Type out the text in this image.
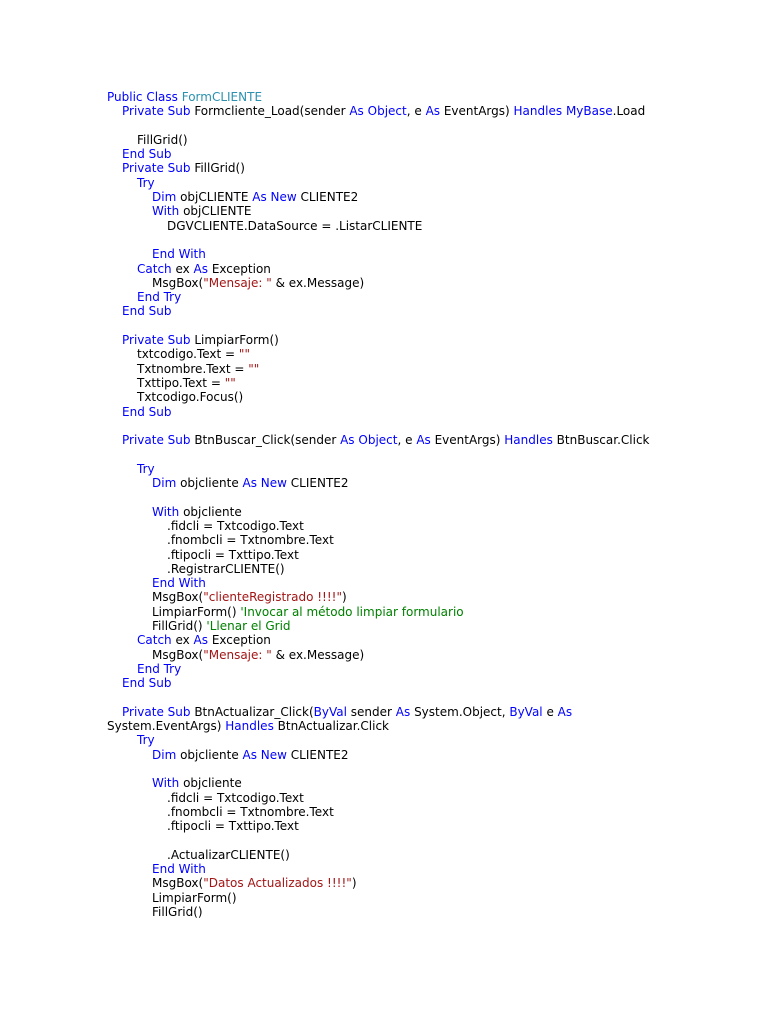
Public Class FormCLIENTE
Private Sub Formcliente_Load(sender As Object, e As EventArgs) Handles MyBase.Load
FillGrid()
End Sub
Private Sub FillGrid()
Try
Dim objCLIENTE As New CLIENTE2
With objCLIENTE
DGVCLIENTE.DataSource = .ListarCLIENTE
End With
Catch ex As Exception
MsgBox("Mensaje: " & ex.Message)
End Try
End Sub
Private Sub LimpiarForm()
txtcodigo.Text = ""
Txtnombre.Text = ""
Txttipo.Text = ""
Txtcodigo.Focus()
End Sub
Private Sub BtnBuscar_Click(sender As Object, e As EventArgs) Handles BtnBuscar.Click
Try
Dim objcliente As New CLIENTE2
With objcliente
.fidcli = Txtcodigo.Text
.fnombcli = Txtnombre.Text
.ftipocli = Txttipo.Text
.RegistrarCLIENTE()
End With
MsgBox("clienteRegistrado !!!!")
LimpiarForm() 'Invocar al método limpiar formulario
FillGrid() 'Llenar el Grid
Catch ex As Exception
MsgBox("Mensaje: " & ex.Message)
End Try
End Sub
Private Sub BtnActualizar_Click(ByVal sender As System.Object, ByVal e As
System.EventArgs) Handles BtnActualizar.Click
Try
Dim objcliente As New CLIENTE2
With objcliente
.fidcli = Txtcodigo.Text
.fnombcli = Txtnombre.Text
.ftipocli = Txttipo.Text
.ActualizarCLIENTE()
End With
MsgBox("Datos Actualizados !!!!")
LimpiarForm()
FillGrid()
